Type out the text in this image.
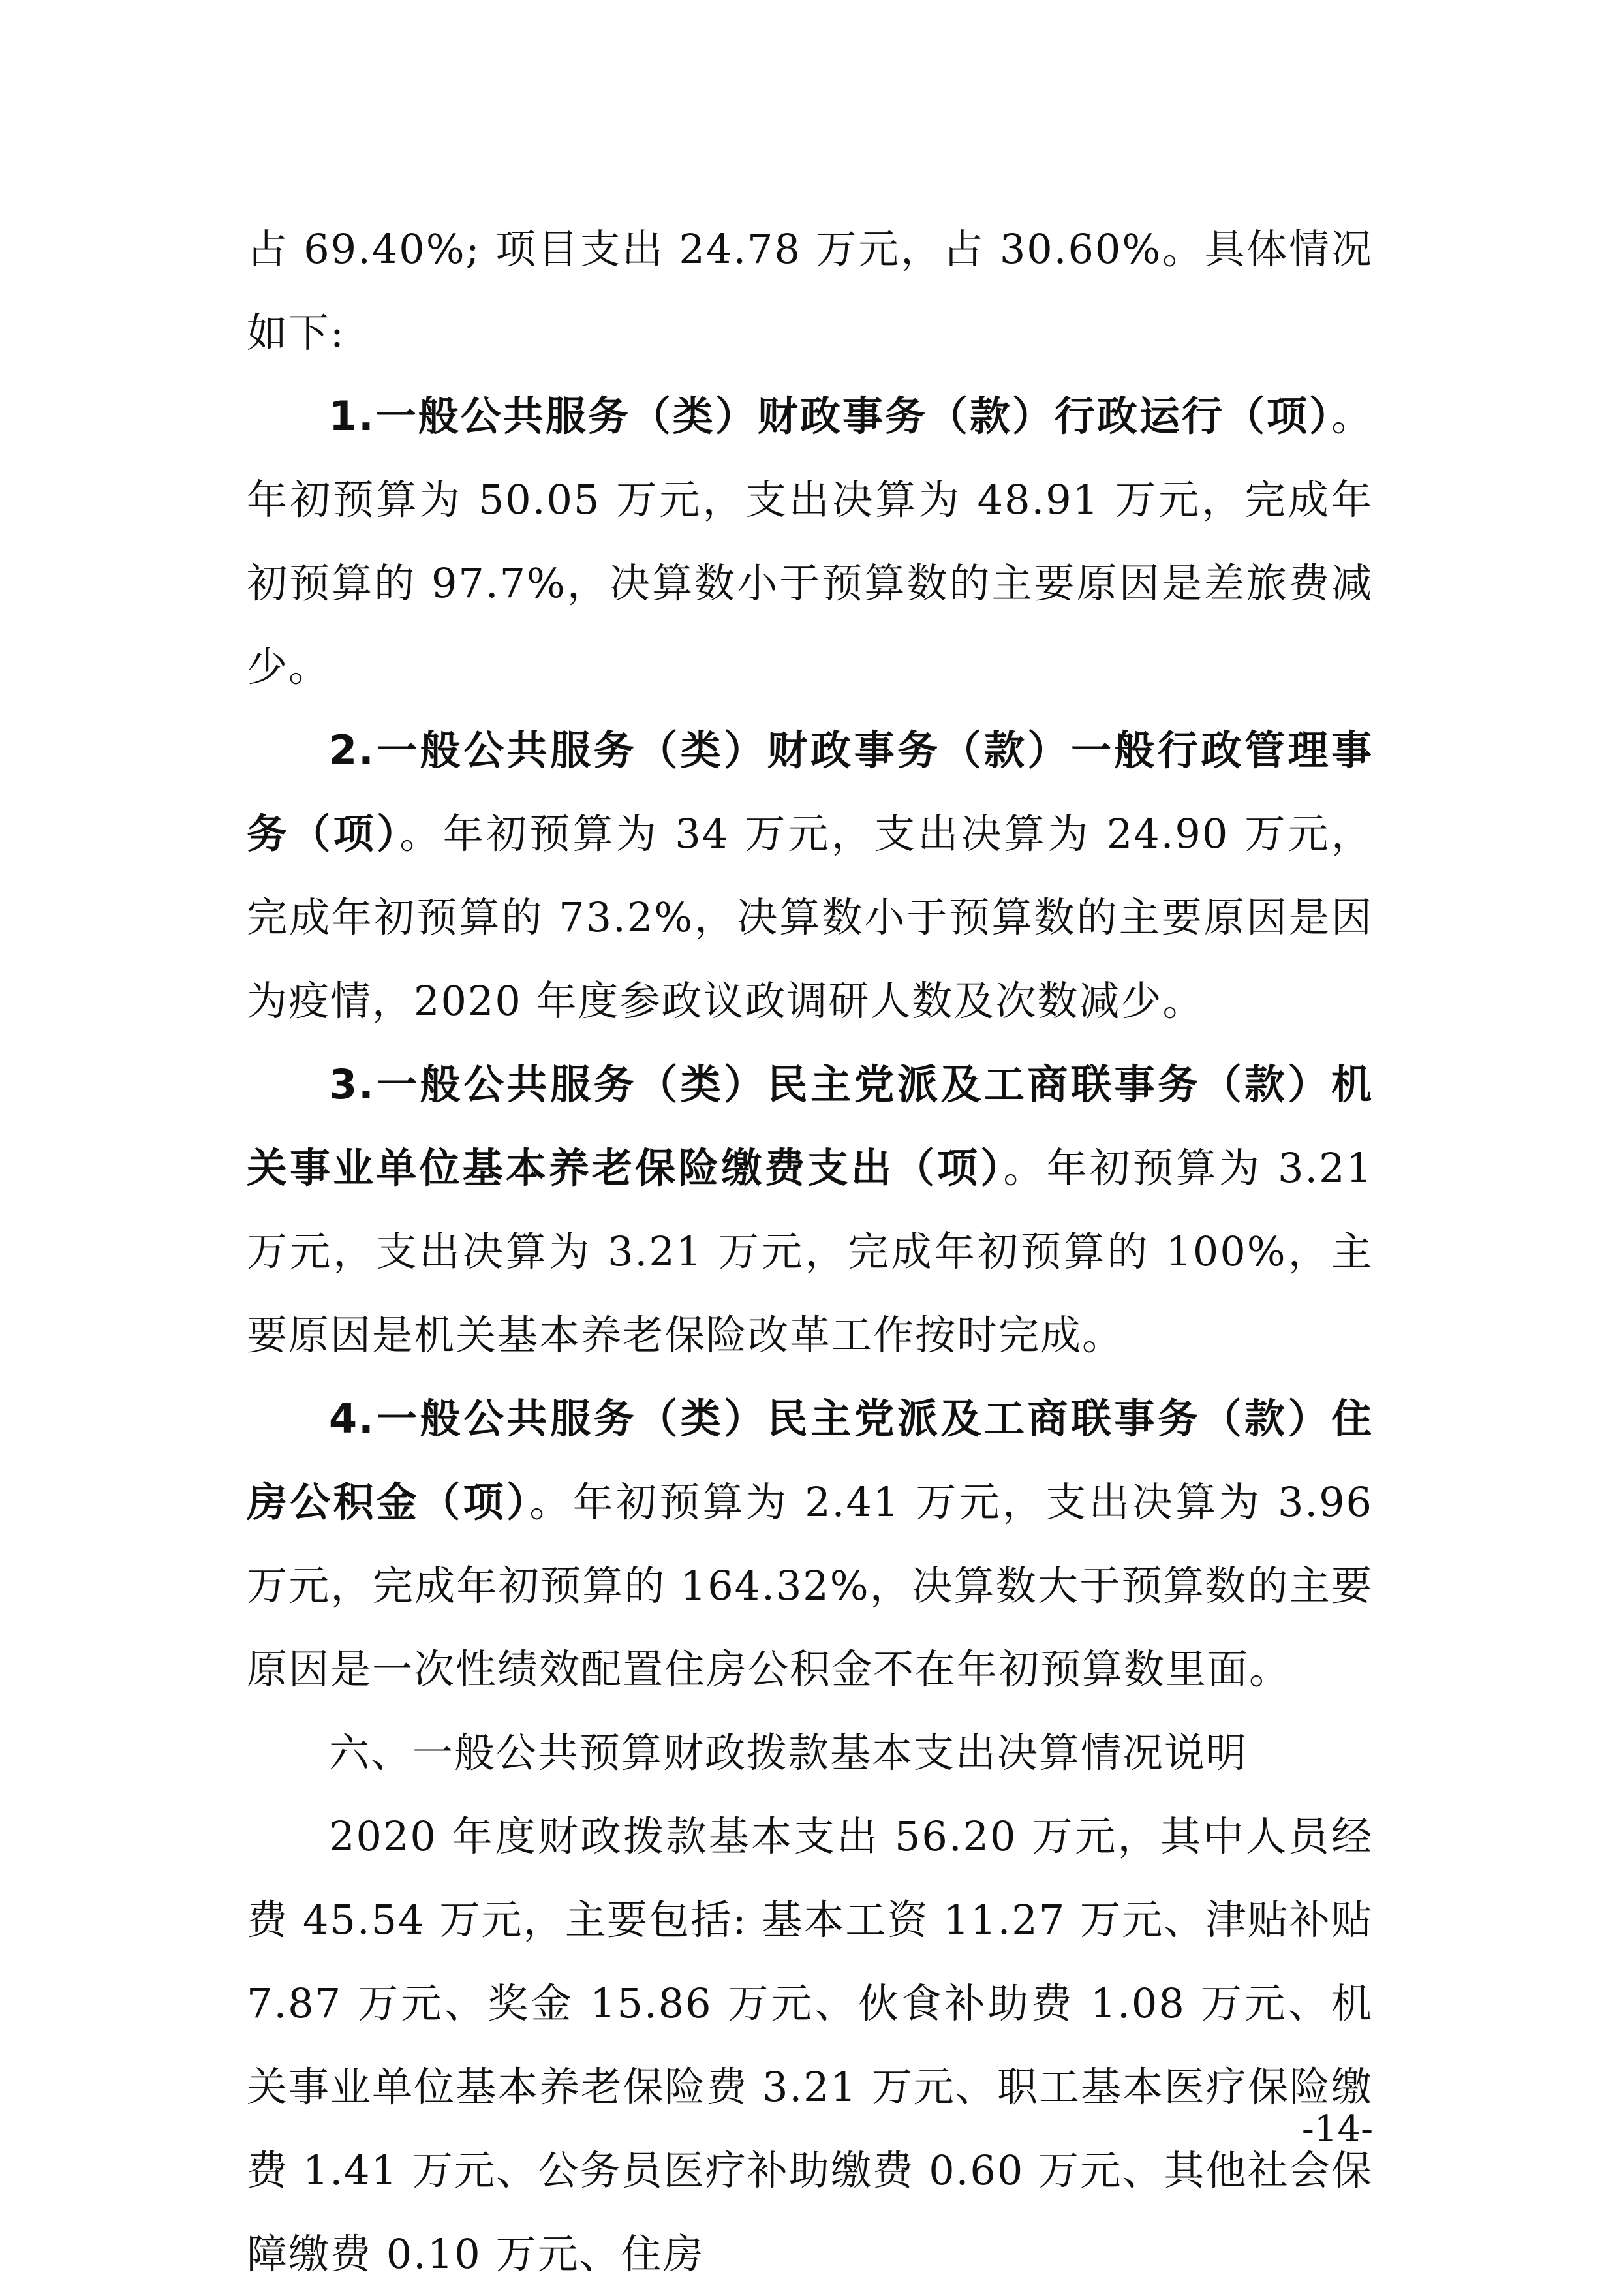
占 69.40%; 项目支出 24.78 万元，占 30.60%。具体情况如下:

1.一般公共服务（类）财政事务（款）行政运行（项）。年初预算为 50.05 万元，支出决算为 48.91 万元，完成年初预算的 97.7%，决算数小于预算数的主要原因是差旅费减少。

2.一般公共服务（类）财政事务（款）一般行政管理事务（项）。年初预算为 34 万元，支出决算为 24.90 万元，完成年初预算的 73.2%，决算数小于预算数的主要原因是因为疫情，2020 年度参政议政调研人数及次数减少。

3.一般公共服务（类）民主党派及工商联事务（款）机关事业单位基本养老保险缴费支出（项）。年初预算为 3.21 万元，支出决算为 3.21 万元，完成年初预算的 100%，主要原因是机关基本养老保险改革工作按时完成。

4.一般公共服务（类）民主党派及工商联事务（款）住房公积金（项）。年初预算为 2.41 万元，支出决算为 3.96 万元，完成年初预算的 164.32%，决算数大于预算数的主要原因是一次性绩效配置住房公积金不在年初预算数里面。

六、一般公共预算财政拨款基本支出决算情况说明

2020 年度财政拨款基本支出 56.20 万元，其中人员经费 45.54 万元，主要包括: 基本工资 11.27 万元、津贴补贴 7.87 万元、奖金 15.86 万元、伙食补助费 1.08 万元、机关事业单位基本养老保险费 3.21 万元、职工基本医疗保险缴费 1.41 万元、公务员医疗补助缴费 0.60 万元、其他社会保障缴费 0.10 万元、住房

-14-
